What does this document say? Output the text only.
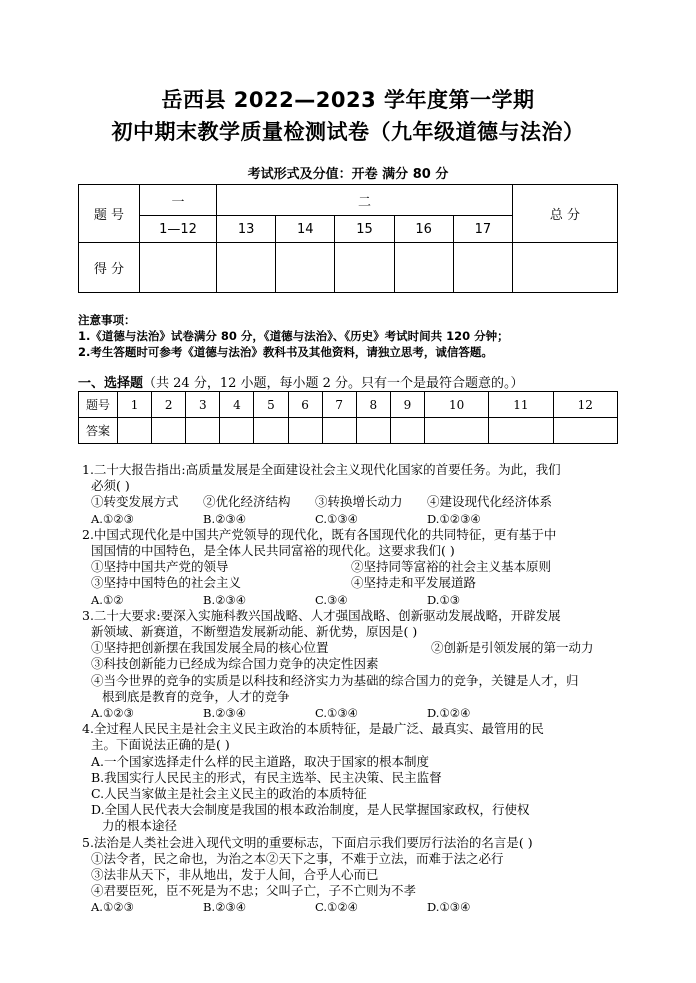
岳西县 2022—2023 学年度第一学期
初中期末教学质量检测试卷（九年级道德与法治）
考试形式及分值：开卷 满分 80 分
题 号	一	二					总 分
	1—12	13	14	15	16	17	
得 分							
注意事项：
1.《道德与法治》试卷满分 80 分，《道德与法治》、《历史》考试时间共 120 分钟；
2.考生答题时可参考《道德与法治》教科书及其他资料，请独立思考，诚信答题。
一、选择题（共 24 分，12 小题，每小题 2 分。只有一个是最符合题意的。）
题号	1	2	3	4	5	6	7	8	9	10	11	12
答案												
1.二十大报告指出:高质量发展是全面建设社会主义现代化国家的首要任务。为此，我们
必须( )
①转变发展方式	②优化经济结构	③转换增长动力	④建设现代化经济体系
A.①②③	B.②③④	C.①③④	D.①②③④
2.中国式现代化是中国共产党领导的现代化，既有各国现代化的共同特征，更有基于中
国国情的中国特色，是全体人民共同富裕的现代化。这要求我们( )
①坚持中国共产党的领导	②坚持同等富裕的社会主义基本原则
③坚持中国特色的社会主义	④坚持走和平发展道路
A.①②	B.②③④	C.③④	D.①③
3.二十大要求:要深入实施科教兴国战略、人才强国战略、创新驱动发展战略，开辟发展
新领域、新赛道，不断塑造发展新动能、新优势，原因是( )
①坚持把创新摆在我国发展全局的核心位置	②创新是引领发展的第一动力
③科技创新能力已经成为综合国力竞争的决定性因素
④当今世界的竞争的实质是以科技和经济实力为基础的综合国力的竞争，关键是人才，归
根到底是教育的竞争，人才的竞争
A.①②③	B.②③④	C.①③④	D.①②④
4.全过程人民民主是社会主义民主政治的本质特征，是最广泛、最真实、最管用的民
主。下面说法正确的是( )
A.一个国家选择走什么样的民主道路，取决于国家的根本制度
B.我国实行人民民主的形式，有民主选举、民主决策、民主监督
C.人民当家做主是社会主义民主的政治的本质特征
D.全国人民代表大会制度是我国的根本政治制度，是人民掌握国家政权，行使权
力的根本途径
5.法治是人类社会进入现代文明的重要标志，下面启示我们要厉行法治的名言是( )
①法令者，民之命也，为治之本②天下之事，不难于立法，而难于法之必行
③法非从天下，非从地出，发于人间，合乎人心而已
④君要臣死，臣不死是为不忠；父叫子亡，子不亡则为不孝
A.①②③	B.②③④	C.①②④	D.①③④
